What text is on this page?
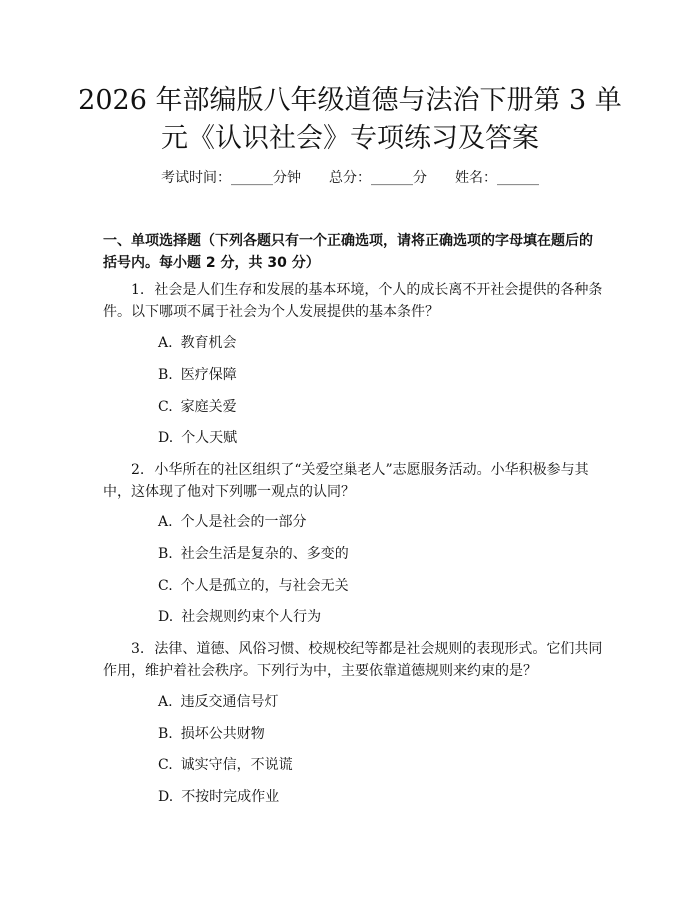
2026 年部编版八年级道德与法治下册第 3 单
元《认识社会》专项练习及答案
考试时间：______分钟 总分：______分 姓名：______

一、单项选择题（下列各题只有一个正确选项，请将正确选项的字母填在题后的括号内。每小题 2 分，共 30 分）

1. 社会是人们生存和发展的基本环境，个人的成长离不开社会提供的各种条件。以下哪项不属于社会为个人发展提供的基本条件？

A. 教育机会

B. 医疗保障

C. 家庭关爱

D. 个人天赋

2. 小华所在的社区组织了“关爱空巢老人”志愿服务活动。小华积极参与其中，这体现了他对下列哪一观点的认同？

A. 个人是社会的一部分

B. 社会生活是复杂的、多变的

C. 个人是孤立的，与社会无关

D. 社会规则约束个人行为

3. 法律、道德、风俗习惯、校规校纪等都是社会规则的表现形式。它们共同作用，维护着社会秩序。下列行为中，主要依靠道德规则来约束的是？

A. 违反交通信号灯

B. 损坏公共财物

C. 诚实守信，不说谎

D. 不按时完成作业
